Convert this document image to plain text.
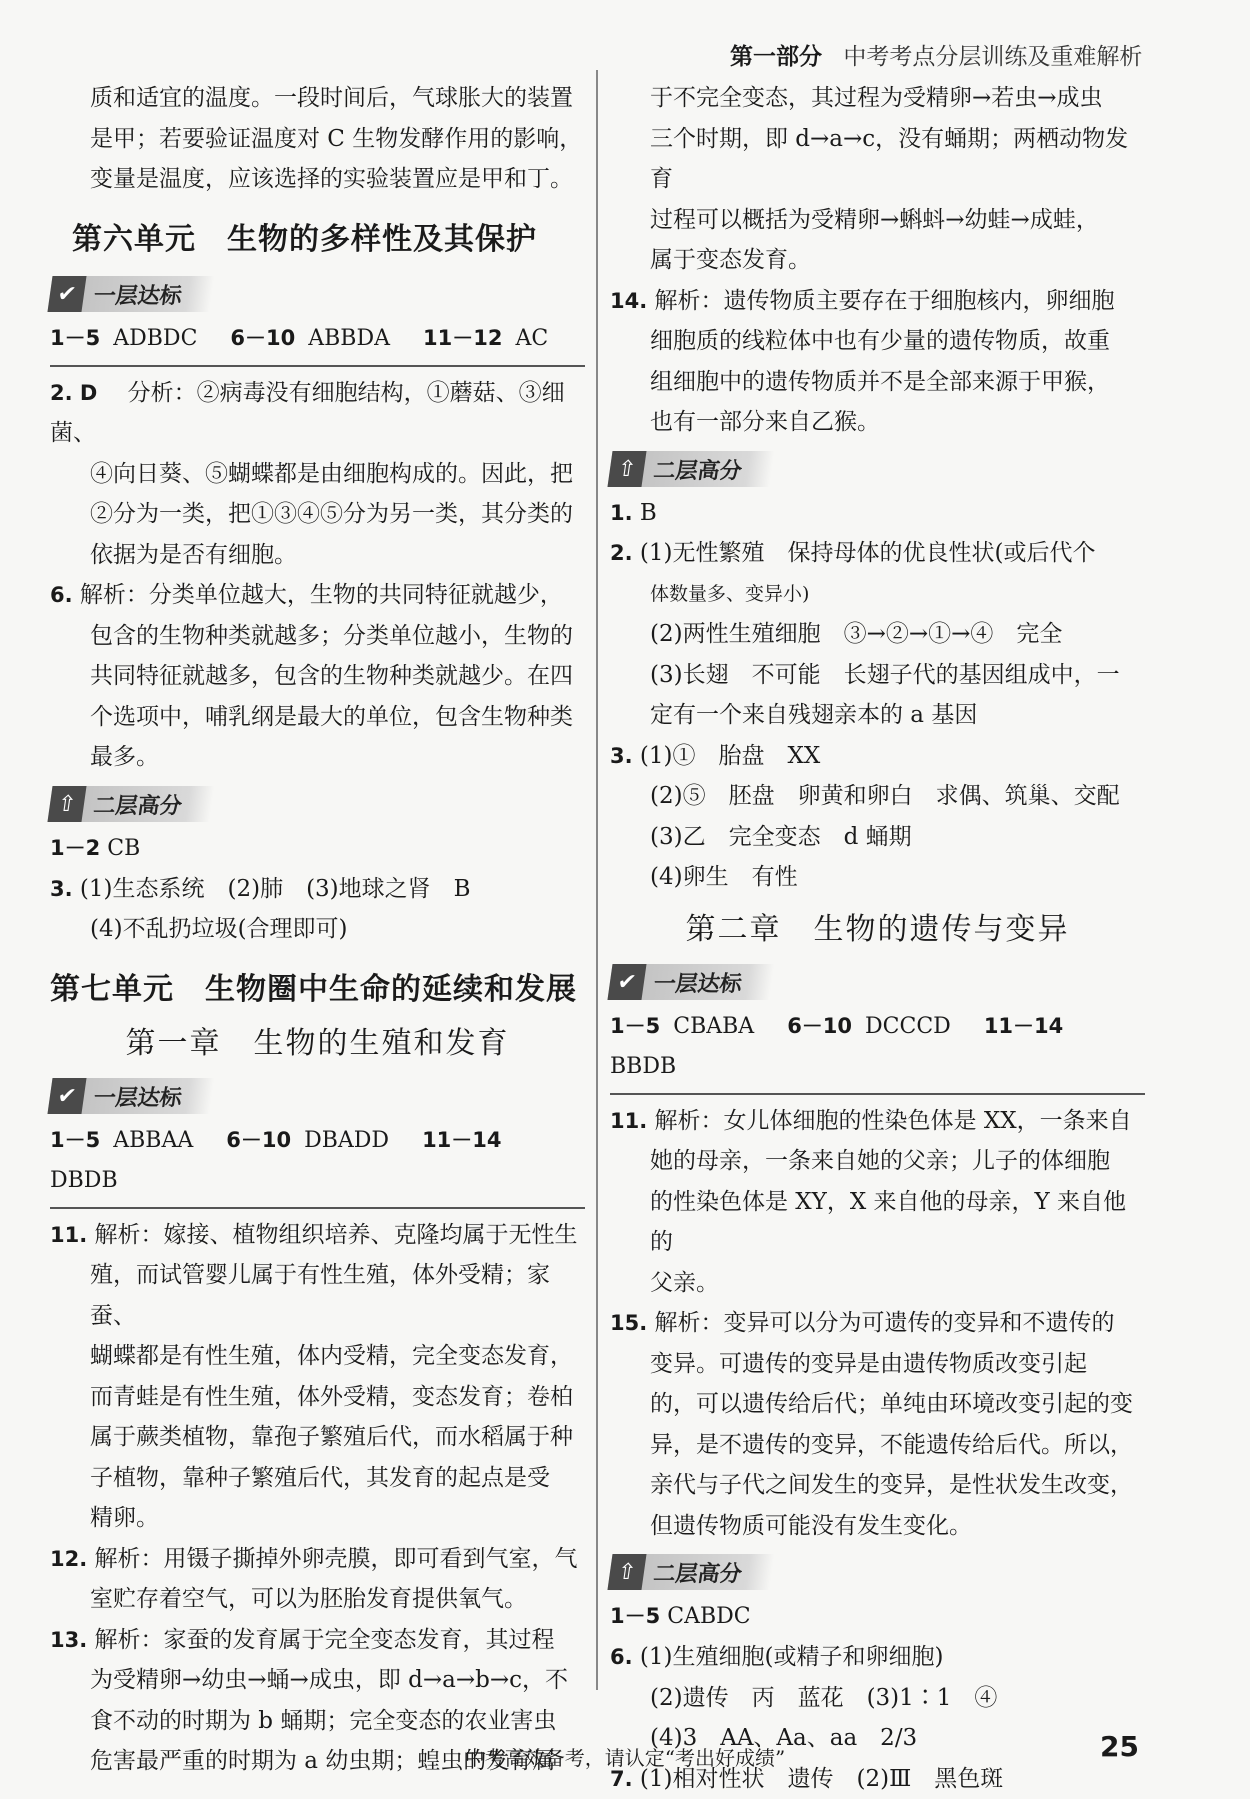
第一部分 中考考点分层训练及重难解析

质和适宜的温度。一段时间后，气球胀大的装置

是甲；若要验证温度对 C 生物发酵作用的影响，

变量是温度，应该选择的实验装置应是甲和丁。

第六单元　生物的多样性及其保护
✔ 一层达标
1－5 ADBDC 6－10 ABBDA 11－12 AC

2. D　 分析：②病毒没有细胞结构，①蘑菇、③细菌、

④向日葵、⑤蝴蝶都是由细胞构成的。因此，把

②分为一类，把①③④⑤分为另一类，其分类的

依据为是否有细胞。

6. 解析：分类单位越大，生物的共同特征就越少，

包含的生物种类就越多；分类单位越小，生物的

共同特征就越多，包含的生物种类就越少。在四

个选项中，哺乳纲是最大的单位，包含生物种类

最多。

⇧ 二层高分
1－2 CB

3. (1)生态系统　(2)肺　(3)地球之肾　B

(4)不乱扔垃圾(合理即可)

第七单元　生物圈中生命的延续和发展
第一章　生物的生殖和发育
✔ 一层达标
1－5 ABBAA 6－10 DBADD 11－14 DBDB

11. 解析：嫁接、植物组织培养、克隆均属于无性生

殖，而试管婴儿属于有性生殖，体外受精；家蚕、

蝴蝶都是有性生殖，体内受精，完全变态发育，

而青蛙是有性生殖，体外受精，变态发育；卷柏

属于蕨类植物，靠孢子繁殖后代，而水稻属于种

子植物，靠种子繁殖后代，其发育的起点是受

精卵。

12. 解析：用镊子撕掉外卵壳膜，即可看到气室，气

室贮存着空气，可以为胚胎发育提供氧气。

13. 解析：家蚕的发育属于完全变态发育，其过程

为受精卵→幼虫→蛹→成虫，即 d→a→b→c，不

食不动的时期为 b 蛹期；完全变态的农业害虫

危害最严重的时期为 a 幼虫期；蝗虫的发育属

于不完全变态，其过程为受精卵→若虫→成虫

三个时期，即 d→a→c，没有蛹期；两栖动物发育

过程可以概括为受精卵→蝌蚪→幼蛙→成蛙，

属于变态发育。

14. 解析：遗传物质主要存在于细胞核内，卵细胞

细胞质的线粒体中也有少量的遗传物质，故重

组细胞中的遗传物质并不是全部来源于甲猴，

也有一部分来自乙猴。

⇧ 二层高分

1. B

2. (1)无性繁殖　保持母体的优良性状(或后代个

体数量多、变异小)

(2)两性生殖细胞　③→②→①→④　完全

(3)长翅　不可能　长翅子代的基因组成中，一

定有一个来自残翅亲本的 a 基因

3. (1)①　胎盘　XX

(2)⑤　胚盘　卵黄和卵白　求偶、筑巢、交配

(3)乙　完全变态　d 蛹期

(4)卵生　有性

第二章　生物的遗传与变异
✔ 一层达标
1－5 CBABA 6－10 DCCCD 11－14 BBDB

11. 解析：女儿体细胞的性染色体是 XX，一条来自

她的母亲，一条来自她的父亲；儿子的体细胞

的性染色体是 XY，X 来自他的母亲，Y 来自他的

父亲。

15. 解析：变异可以分为可遗传的变异和不遗传的

变异。可遗传的变异是由遗传物质改变引起

的，可以遗传给后代；单纯由环境改变引起的变

异，是不遗传的变异，不能遗传给后代。所以，

亲代与子代之间发生的变异，是性状发生改变，

但遗传物质可能没有发生变化。

⇧ 二层高分
1－5 CABDC

6. (1)生殖细胞(或精子和卵细胞)

(2)遗传　丙　蓝花　(3)1∶1　④

(4)3　AA、Aa、aa　2/3

7. (1)相对性状　遗传　(2)Ⅲ　黑色斑

中考高效备考，请认定“考出好成绩”	25
